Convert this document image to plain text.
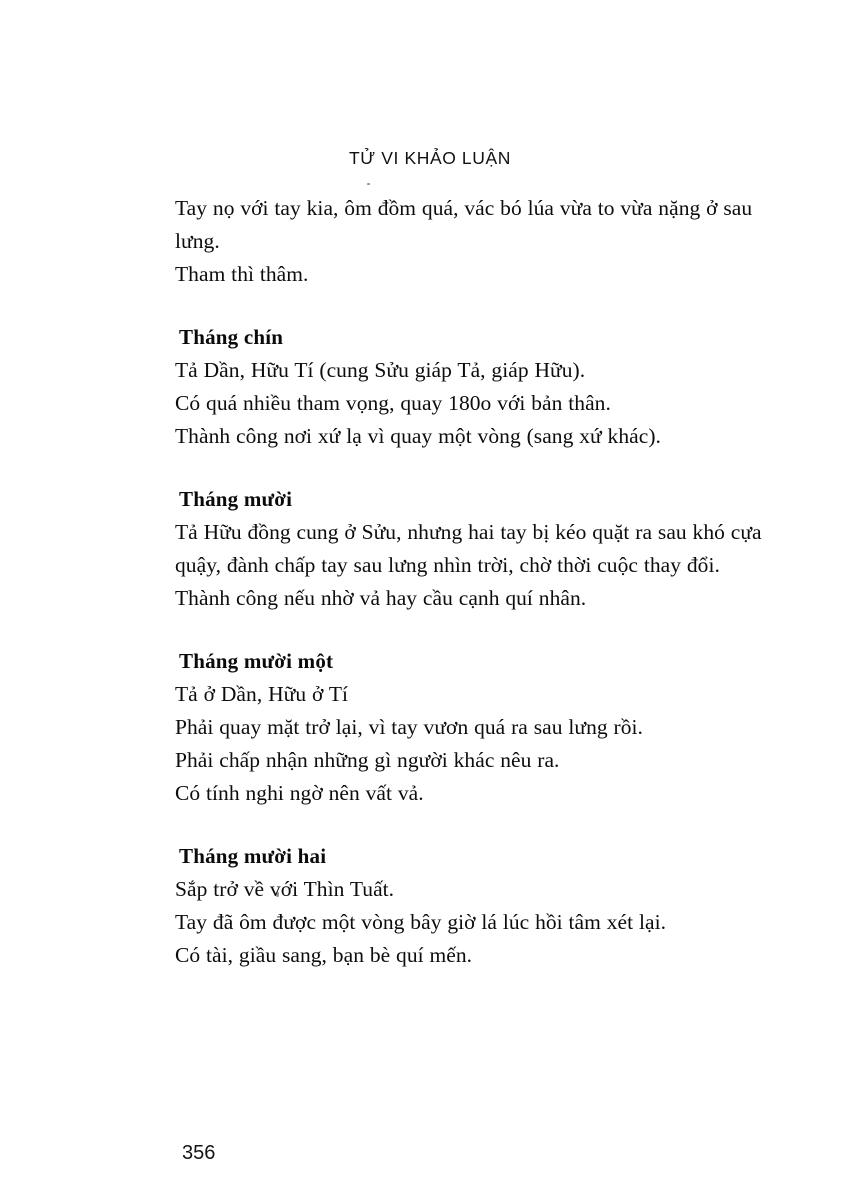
TỬ VI KHẢO LUẬN

Tay nọ với tay kia, ôm đồm quá, vác bó lúa vừa to vừa nặng ở sau lưng.

Tham thì thâm.

Tháng chín

Tả Dần, Hữu Tí (cung Sửu giáp Tả, giáp Hữu).

Có quá nhiều tham vọng, quay 180o với bản thân.

Thành công nơi xứ lạ vì quay một vòng (sang xứ khác).

Tháng mười

Tả Hữu đồng cung ở Sửu, nhưng hai tay bị kéo quặt ra sau khó cựa quậy, đành chấp tay sau lưng nhìn trời, chờ thời cuộc thay đổi.

Thành công nếu nhờ vả hay cầu cạnh quí nhân.

Tháng mười một

Tả ở Dần, Hữu ở Tí

Phải quay mặt trở lại, vì tay vươn quá ra sau lưng rồi.

Phải chấp nhận những gì người khác nêu ra.

Có tính nghi ngờ nên vất vả.

Tháng mười hai

Sắp trở về với Thìn Tuất.

Tay đã ôm được một vòng bây giờ lá lúc hồi tâm xét lại.

Có tài, giầu sang, bạn bè quí mến.

356
